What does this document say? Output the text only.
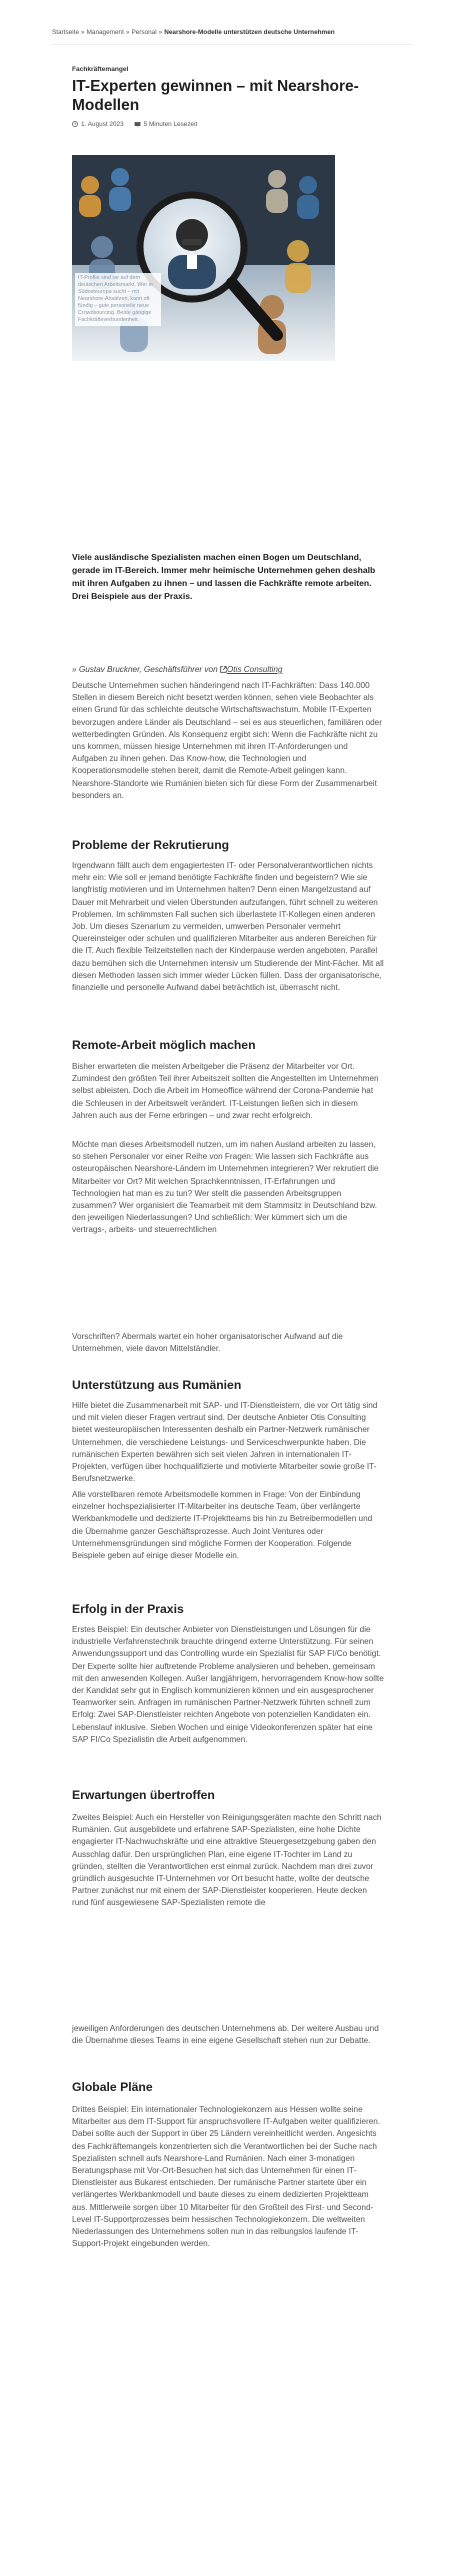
Startseite » Management » Personal » Nearshore-Modelle unterstützen deutsche Unternehmen
Fachkräftemangel
IT-Experten gewinnen – mit Nearshore-Modellen
1. August 2023	5 Minuten Lesezeit
IT-Profile sind rar auf dem deutschen Arbeitsmarkt. Wer in Südosteuropa sucht – mit Nearshore-Ansätzen, kann oft fündig – gute personelle neue Crowdsourcing. Beste gängige Fachkräfteverbundenheit.

Viele ausländische Spezialisten machen einen Bogen um Deutschland, gerade im IT-Bereich. Immer mehr heimische Unternehmen gehen deshalb mit ihren Aufgaben zu ihnen – und lassen die Fachkräfte remote arbeiten. Drei Beispiele aus der Praxis.

» Gustav Bruckner, Geschäftsführer von Otis Consulting

Deutsche Unternehmen suchen händeringend nach IT-Fachkräften: Dass 140.000 Stellen in diesem Bereich nicht besetzt werden können, sehen viele Beobachter als einen Grund für das schleichte deutsche Wirtschaftswachstum. Mobile IT-Experten bevorzugen andere Länder als Deutschland – sei es aus steuerlichen, familiären oder wetterbedingten Gründen. Als Konsequenz ergibt sich: Wenn die Fachkräfte nicht zu uns kommen, müssen hiesige Unternehmen mit ihren IT-Anforderungen und Aufgaben zu ihnen gehen. Das Know-how, die Technologien und Kooperationsmodelle stehen bereit, damit die Remote-Arbeit gelingen kann. Nearshore-Standorte wie Rumänien bieten sich für diese Form der Zusammenarbeit besonders an.

Probleme der Rekrutierung

Irgendwann fällt auch dem engagiertesten IT- oder Personalverantwortlichen nichts mehr ein: Wie soll er jemand benötigte Fachkräfte finden und begeistern? Wie sie langfristig motivieren und im Unternehmen halten? Denn einen Mangelzustand auf Dauer mit Mehrarbeit und vielen Überstunden aufzufangen, führt schnell zu weiteren Problemen. Im schlimmsten Fall suchen sich überlastete IT-Kollegen einen anderen Job. Um dieses Szenarium zu vermeiden, umwerben Personaler vermehrt Quereinsteiger oder schulen und qualifizieren Mitarbeiter aus anderen Bereichen für die IT. Auch flexible Teilzeitstellen nach der Kinderpause werden angeboten. Parallel dazu bemühen sich die Unternehmen intensiv um Studierende der Mint-Fächer. Mit all diesen Methoden lassen sich immer wieder Lücken füllen. Dass der organisatorische, finanzielle und personelle Aufwand dabei beträchtlich ist, überrascht nicht.

Remote-Arbeit möglich machen

Bisher erwarteten die meisten Arbeitgeber die Präsenz der Mitarbeiter vor Ort. Zumindest den größten Teil ihrer Arbeitszeit sollten die Angestellten im Unternehmen selbst ableisten. Doch die Arbeit im Homeoffice während der Corona-Pandemie hat die Schleusen in der Arbeitswelt verändert. IT-Leistungen ließen sich in diesem Jahren auch aus der Ferne erbringen – und zwar recht erfolgreich.

Möchte man dieses Arbeitsmodell nutzen, um im nahen Ausland arbeiten zu lassen, so stehen Personaler vor einer Reihe von Fragen: Wie lassen sich Fachkräfte aus osteuropäischen Nearshore-Ländern im Unternehmen integrieren? Wer rekrutiert die Mitarbeiter vor Ort? Mit welchen Sprachkenntnissen, IT-Erfahrungen und Technologien hat man es zu tun? Wer stellt die passenden Arbeitsgruppen zusammen? Wer organisiert die Teamarbeit mit dem Stammsitz in Deutschland bzw. den jeweiligen Niederlassungen? Und schließlich: Wer kümmert sich um die vertrags-, arbeits- und steuerrechtlichen

Vorschriften? Abermals wartet ein hoher organisatorischer Aufwand auf die Unternehmen, viele davon Mittelständler.

Unterstützung aus Rumänien

Hilfe bietet die Zusammenarbeit mit SAP- und IT-Dienstleistern, die vor Ort tätig sind und mit vielen dieser Fragen vertraut sind. Der deutsche Anbieter Otis Consulting bietet westeuropäischen Interessenten deshalb ein Partner-Netzwerk rumänischer Unternehmen, die verschiedene Leistungs- und Serviceschwerpunkte haben. Die rumänischen Experten bewähren sich seit vielen Jahren in internationalen IT-Projekten, verfügen über hochqualifizierte und motivierte Mitarbeiter sowie große IT-Berufsnetzwerke.

Alle vorstellbaren remote Arbeitsmodelle kommen in Frage: Von der Einbindung einzelner hochspezialisierter IT-Mitarbeiter ins deutsche Team, über verlängerte Werkbankmodelle und dedizierte IT-Projektteams bis hin zu Betreibermodellen und die Übernahme ganzer Geschäftsprozesse. Auch Joint Ventures oder Unternehmensgründungen sind mögliche Formen der Kooperation. Folgende Beispiele geben auf einige dieser Modelle ein.

Erfolg in der Praxis

Erstes Beispiel: Ein deutscher Anbieter von Dienstleistungen und Lösungen für die industrielle Verfahrenstechnik brauchte dringend externe Unterstützung. Für seinen Anwendungssupport und das Controlling wurde ein Spezialist für SAP FI/Co benötigt. Der Experte sollte hier auftretende Probleme analysieren und beheben, gemeinsam mit den anwesenden Kollegen. Außer langjährigem, hervorragendem Know-how sollte der Kandidat sehr gut in Englisch kommunizieren können und ein ausgesprochener Teamworker sein. Anfragen im rumänischen Partner-Netzwerk führten schnell zum Erfolg: Zwei SAP-Dienstleister reichten Angebote von potenziellen Kandidaten ein. Lebenslauf inklusive. Sieben Wochen und einige Videokonferenzen später hat eine SAP FI/Co Spezialistin die Arbeit aufgenommen.

Erwartungen übertroffen

Zweites Beispiel: Auch ein Hersteller von Reinigungsgeräten machte den Schritt nach Rumänien. Gut ausgebildete und erfahrene SAP-Spezialisten, eine hohe Dichte engagierter IT-Nachwuchskräfte und eine attraktive Steuergesetzgebung gaben den Ausschlag dafür. Den ursprünglichen Plan, eine eigene IT-Tochter im Land zu gründen, stellten die Verantwortlichen erst einmal zurück. Nachdem man drei zuvor gründlich ausgesuchte IT-Unternehmen vor Ort besucht hatte, wollte der deutsche Partner zunächst nur mit einem der SAP-Dienstleister kooperieren. Heute decken rund fünf ausgewiesene SAP-Spezialisten remote die

jeweiligen Anforderungen des deutschen Unternehmens ab. Der weitere Ausbau und die Übernahme dieses Teams in eine eigene Gesellschaft stehen nun zur Debatte.

Globale Pläne

Drittes Beispiel: Ein internationaler Technologiekonzern aus Hessen wollte seine Mitarbeiter aus dem IT-Support für anspruchsvollere IT-Aufgaben weiter qualifizieren. Dabei sollte auch der Support in über 25 Ländern vereinheitlicht werden. Angesichts des Fachkräftemangels konzentrierten sich die Verantwortlichen bei der Suche nach Spezialisten schnell aufs Nearshore-Land Rumänien. Nach einer 3-monatigen Beratungsphase mit Vor-Ort-Besuchen hat sich das Unternehmen für einen IT-Dienstleister aus Bukarest entschieden. Der rumänische Partner startete über ein verlängertes Werkbankmodell und baute dieses zu einem dedizierten Projektteam aus. Mittlerweile sorgen über 10 Mitarbeiter für den Großteil des First- und Second-Level IT-Supportprozesses beim hessischen Technologiekonzern. Die weltweiten Niederlassungen des Unternehmens sollen nun in das reibungslos laufende IT-Support-Projekt eingebunden werden.
